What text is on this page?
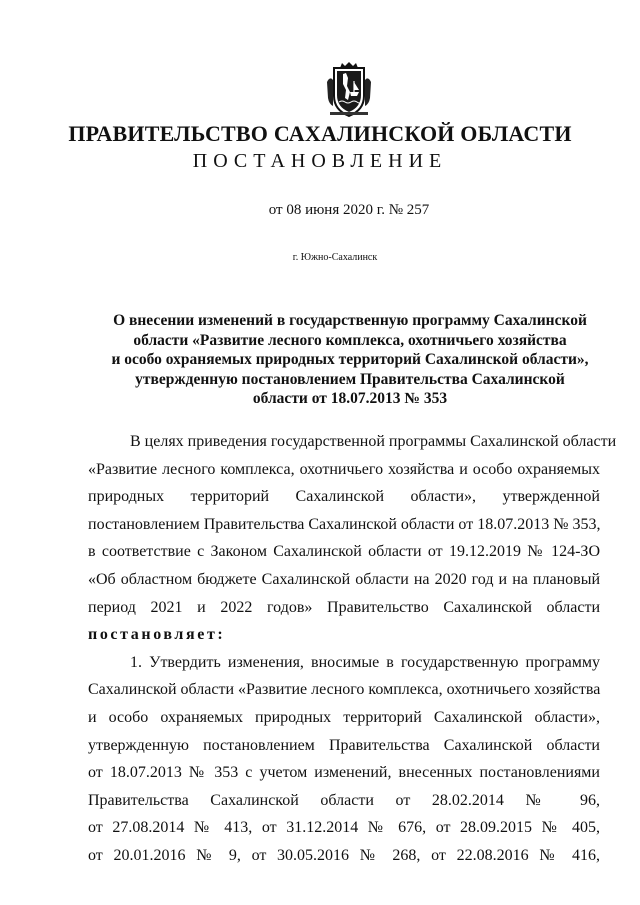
ПРАВИТЕЛЬСТВО САХАЛИНСКОЙ ОБЛАСТИ
ПОСТАНОВЛЕНИЕ
от 08 июня 2020 г. № 257
г. Южно-Сахалинск
О внесении изменений в государственную программу Сахалинской
области «Развитие лесного комплекса, охотничьего хозяйства
и особо охраняемых природных территорий Сахалинской области»,
утвержденную постановлением Правительства Сахалинской
области от 18.07.2013 № 353
В целях приведения государственной программы Сахалинской области
«Развитие лесного комплекса, охотничьего хозяйства и особо охраняемых
природных территорий Сахалинской области», утвержденной
постановлением Правительства Сахалинской области от 18.07.2013 № 353,
в соответствие с Законом Сахалинской области от 19.12.2019 № 124-ЗО
«Об областном бюджете Сахалинской области на 2020 год и на плановый
период 2021 и 2022 годов» Правительство Сахалинской области
постановляет:
1. Утвердить изменения, вносимые в государственную программу
Сахалинской области «Развитие лесного комплекса, охотничьего хозяйства
и особо охраняемых природных территорий Сахалинской области»,
утвержденную постановлением Правительства Сахалинской области
от 18.07.2013 № 353 с учетом изменений, внесенных постановлениями
Правительства Сахалинской области от 28.02.2014 № 96,
от 27.08.2014 № 413, от 31.12.2014 № 676, от 28.09.2015 № 405,
от 20.01.2016 № 9, от 30.05.2016 № 268, от 22.08.2016 № 416,
